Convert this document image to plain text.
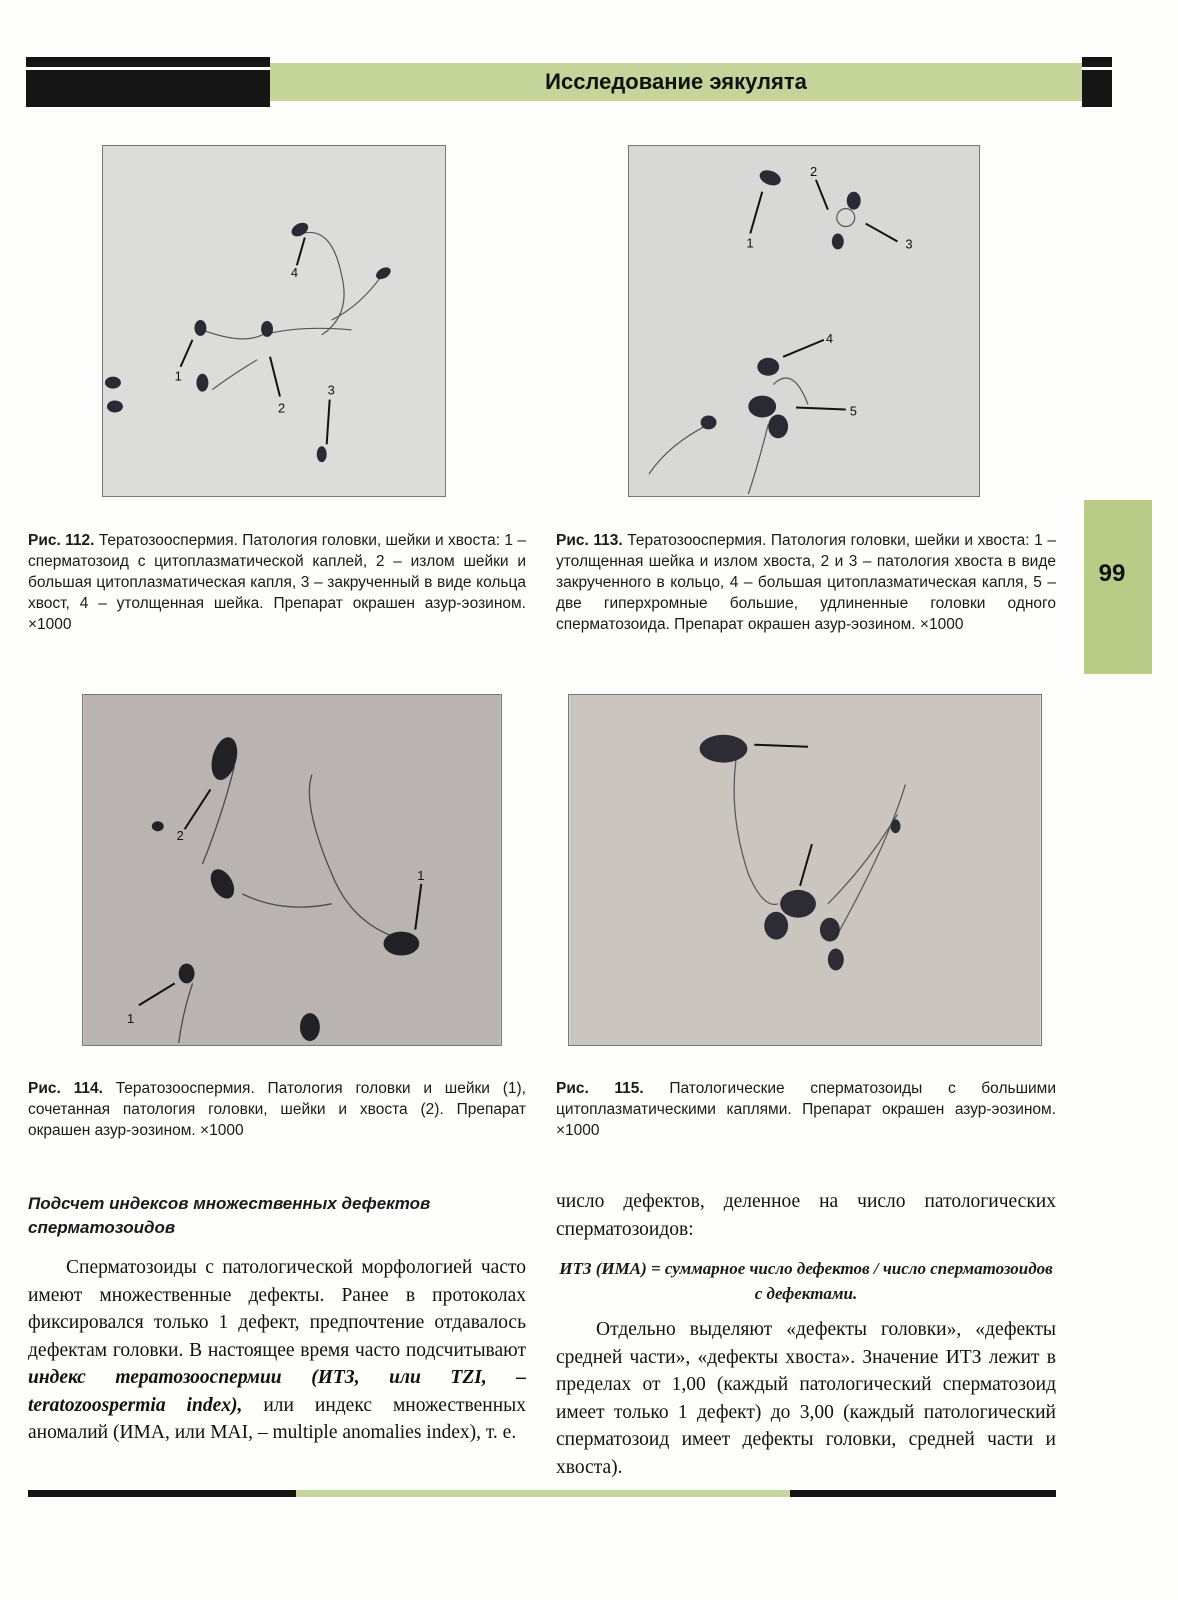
Исследование эякулята
99
4
1
2
3
1
2
3
4
5
Рис. 112. Тератозооспермия. Патология головки, шейки и хвоста: 1 – сперматозоид с цитоплазматической каплей, 2 – излом шейки и большая цитоплазматическая капля, 3 – закрученный в виде кольца хвост, 4 – утолщенная шейка. Препарат окрашен азур-эозином. ×1000
Рис. 113. Тератозооспермия. Патология головки, шейки и хвоста: 1 – утолщенная шейка и излом хвоста, 2 и 3 – патология хвоста в виде закрученного в кольцо, 4 – большая цитоплазматическая капля, 5 – две гиперхромные большие, удлиненные головки одного сперматозоида. Препарат окрашен азур-эозином. ×1000
1
1
2
Рис. 114. Тератозооспермия. Патология головки и шейки (1), сочетанная патология головки, шейки и хвоста (2). Препарат окрашен азур-эозином. ×1000
Рис. 115. Патологические сперматозоиды с большими цитоплазматическими каплями. Препарат окрашен азур-эозином. ×1000
Подсчет индексов множественных дефектов сперматозоидов
Сперматозоиды с патологической морфологией часто имеют множественные дефекты. Ранее в протоколах фиксировался только 1 дефект, предпочтение отдавалось дефектам головки. В настоящее время часто подсчитывают индекс тератозооспермии (ИТЗ, или TZI, – teratozoospermia index), или индекс множественных аномалий (ИМА, или MAI, – multiple anomalies index), т. е.
число дефектов, деленное на число патологических сперматозоидов:
ИТЗ (ИМА) = суммарное число дефектов / число сперматозоидов с дефектами.
Отдельно выделяют «дефекты головки», «дефекты средней части», «дефекты хвоста». Значение ИТЗ лежит в пределах от 1,00 (каждый патологический сперматозоид имеет только 1 дефект) до 3,00 (каждый патологический сперматозоид имеет дефекты головки, средней части и хвоста).
